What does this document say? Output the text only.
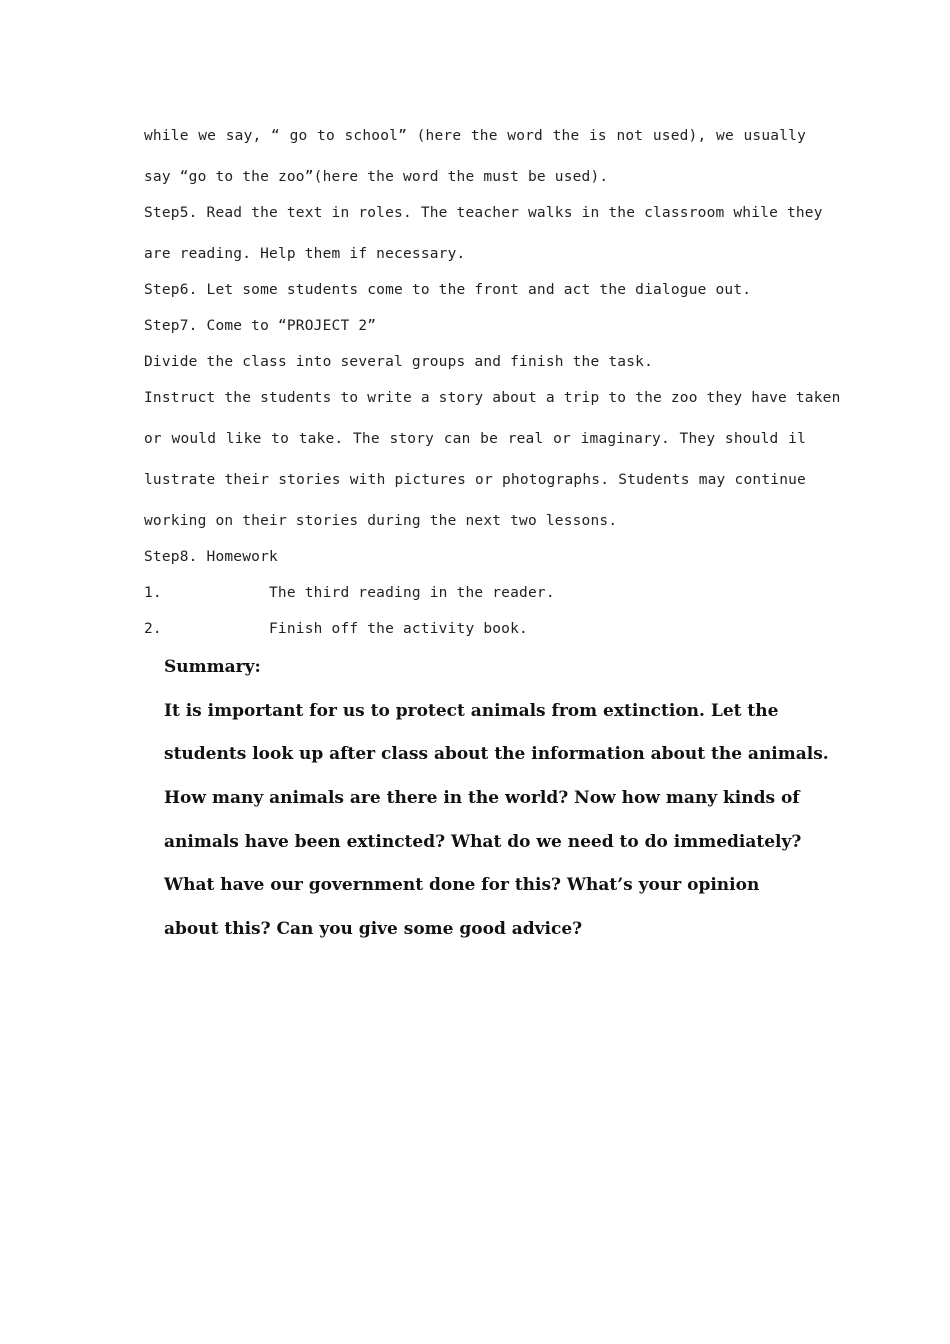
while we say, “ go to school” (here the word the is not used), we usually
say “go to the zoo”(here the word the must be used).
Step5. Read the text in roles. The teacher walks in the classroom while they
are reading. Help them if necessary.
Step6. Let some students come to the front and act the dialogue out.
Step7. Come to “PROJECT 2”
Divide the class into several groups and finish the task.
Instruct the students to write a story about a trip to the zoo they have taken
or would like to take. The story can be real or imaginary. They should il
lustrate their stories with pictures or photographs. Students may continue
working on their stories during the next two lessons.
Step8. Homework
1.	The third reading in the reader.
2.	Finish off the activity book.
Summary:
It is important for us to protect animals from extinction. Let the
students look up after class about the information about the animals.
How many animals are there in the world? Now how many kinds of
animals have been extincted? What do we need to do immediately?
What have our government done for this? What’s your opinion
about this? Can you give some good advice?
